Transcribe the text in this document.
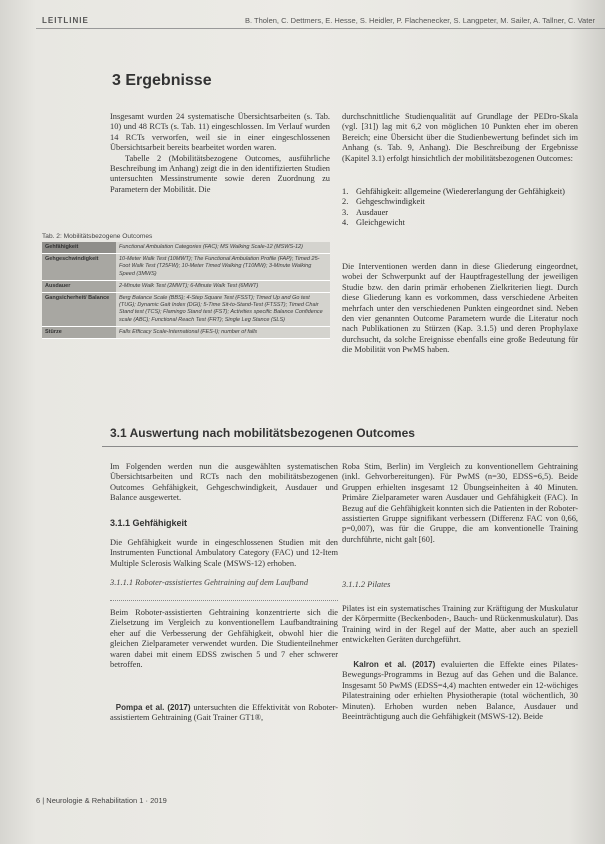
LEITLINIE	B. Tholen, C. Dettmers, E. Hesse, S. Heidler, P. Flachenecker, S. Langpeter, M. Sailer, A. Tallner, C. Vater
3 Ergebnisse
Insgesamt wurden 24 systematische Übersichtsarbeiten (s. Tab. 10) und 48 RCTs (s. Tab. 11) eingeschlossen. Im Verlauf wurden 14 RCTs verworfen, weil sie in einer eingeschlossenen Übersichtsarbeit bereits bearbeitet worden waren.
Tabelle 2 (Mobilitätsbezogene Outcomes, ausführliche Beschreibung im Anhang) zeigt die in den identifizierten Studien untersuchten Messinstrumente sowie deren Zuordnung zu Parametern der Mobilität. Die
durchschnittliche Studienqualität auf Grundlage der PEDro-Skala (vgl. [31]) lag mit 6,2 von möglichen 10 Punkten eher im oberen Bereich; eine Übersicht über die Studienbewertung befindet sich im Anhang (s. Tab. 9, Anhang). Die Beschreibung der Ergebnisse (Kapitel 3.1) erfolgt hinsichtlich der mobilitätsbezogenen Outcomes:
1. Gehfähigkeit: allgemeine (Wiedererlangung der Gehfähigkeit)
2. Gehgeschwindigkeit
3. Ausdauer
4. Gleichgewicht
Die Interventionen werden dann in diese Gliederung eingeordnet, wobei der Schwerpunkt auf der Hauptfragestellung der jeweiligen Studie bzw. den darin primär erhobenen Zielkriterien liegt. Durch diese Gliederung kann es vorkommen, dass verschiedene Arbeiten mehrfach unter den verschiedenen Punkten eingeordnet sind. Neben den vier genannten Outcome Parametern wurde die Literatur noch nach Publikationen zu Stürzen (Kap. 3.1.5) und deren Prophylaxe durchsucht, da solche Ereignisse ebenfalls eine große Bedeutung für die Mobilität von PwMS haben.
Tab. 2: Mobilitätsbezogene Outcomes
Gehfähigkeit	Functional Ambulation Categories (FAC); MS Walking Scale-12 (MSWS-12)
Gehgeschwindigkeit	10-Meter Walk Test (10MWT); The Functional Ambulation Profile (FAP); Timed 25-Foot Walk Test (T25FW); 10-Meter Timed Walking (T10MW); 3-Minute Walking Speed (3MWS)
Ausdauer	2-Minute Walk Test (2MWT); 6-Minute Walk Test (6MWT)
Gangsicherheit/ Balance	Berg Balance Scale (BBS); 4-Step Square Test (FSST); Timed Up and Go test (TUG); Dynamic Gait Index (DGI); 5-Time Sit-to-Stand-Test (FTSST); Timed Chair Stand test (TCS); Flamingo Stand test (FST); Activities specific Balance Confidence scale (ABC); Functional Reach Test (FRT); Single Leg Stance (SLS)
Stürze	Falls Efficacy Scale-International (FES-I); number of falls
3.1 Auswertung nach mobilitätsbezogenen Outcomes
Im Folgenden werden nun die ausgewählten systematischen Übersichtsarbeiten und RCTs nach den mobilitätsbezogenen Outcomes Gehfähigkeit, Gehgeschwindigkeit, Ausdauer und Balance ausgewertet.
3.1.1 Gehfähigkeit
Die Gehfähigkeit wurde in eingeschlossenen Studien mit den Instrumenten Functional Ambulatory Category (FAC) und 12-Item Multiple Sclerosis Walking Scale (MSWS-12) erhoben.
3.1.1.1 Roboter-assistiertes Gehtraining auf dem Laufband
Beim Roboter-assistierten Gehtraining konzentrierte sich die Zielsetzung im Vergleich zu konventionellem Laufbandtraining eher auf die Verbesserung der Gehfähigkeit, obwohl hier die gleichen Zielparameter verwendet wurden. Die Studienteilnehmer waren dabei mit einem EDSS zwischen 5 und 7 eher schwerer betroffen.
Pompa et al. (2017) untersuchten die Effektivität von Roboter-assistiertem Gehtraining (Gait Trainer GT1®,
Roba Stim, Berlin) im Vergleich zu konventionellem Gehtraining (inkl. Gehvorbereitungen). Für PwMS (n=30, EDSS=6,5). Beide Gruppen erhielten insgesamt 12 Übungseinheiten à 40 Minuten. Primäre Zielparameter waren Ausdauer und Gehfähigkeit (FAC). In Bezug auf die Gehfähigkeit konnten sich die Patienten in der Roboter-assistierten Gruppe signifikant verbessern (Differenz FAC von 0,66, p=0,007), was für die Gruppe, die am konventionelle Training durchführte, nicht galt [60].
3.1.1.2 Pilates
Pilates ist ein systematisches Training zur Kräftigung der Muskulatur der Körpermitte (Beckenboden-, Bauch- und Rückenmuskulatur). Das Training wird in der Regel auf der Matte, aber auch an speziell entwickelten Geräten durchgeführt.
Kalron et al. (2017) evaluierten die Effekte eines Pilates-Bewegungs-Programms in Bezug auf das Gehen und die Balance. Insgesamt 50 PwMS (EDSS=4,4) machten entweder ein 12-wöchiges Pilatestraining oder erhielten Physiotherapie (total wöchentlich, 30 Minuten). Erhoben wurden neben Balance, Ausdauer und Beeinträchtigung auch die Gehfähigkeit (MSWS-12). Beide
6 | Neurologie & Rehabilitation 1 · 2019
